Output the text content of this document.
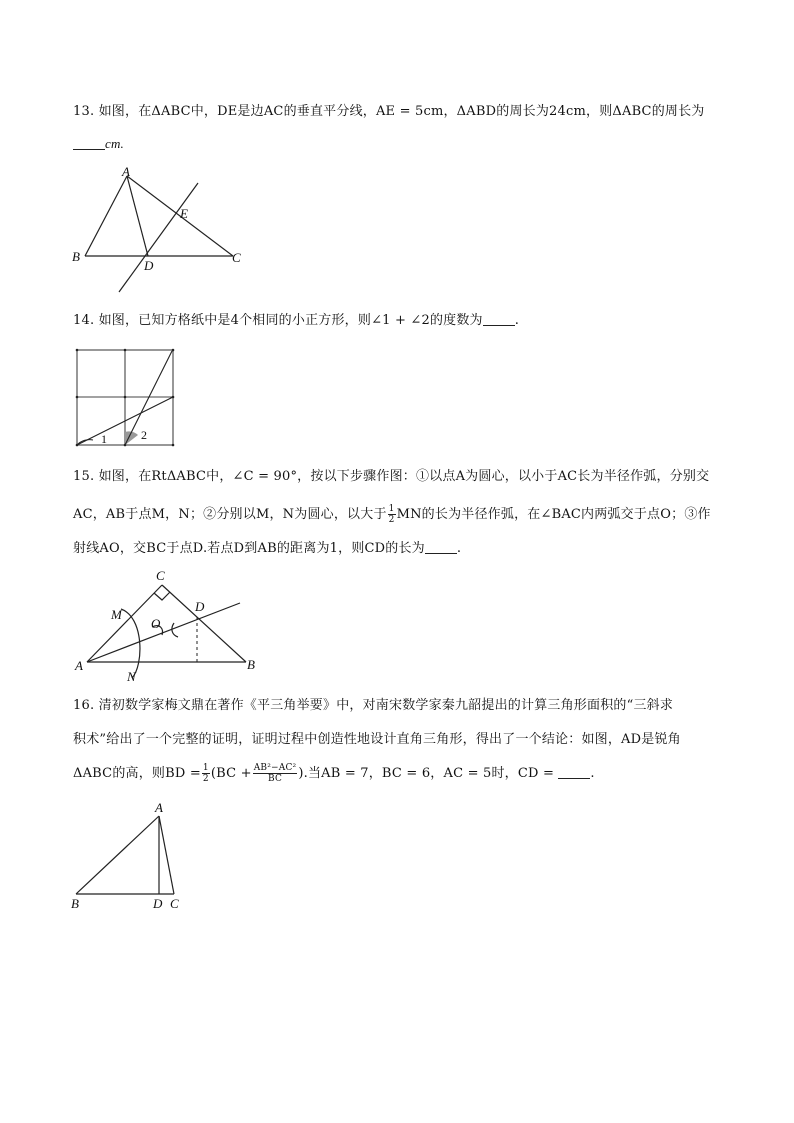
13. 如图，在ΔABC中，DE是边AC的垂直平分线，AE = 5cm，ΔABD的周长为24cm，则ΔABC的周长为
cm.
A
B	C
D
E
14. 如图，已知方格纸中是4个相同的小正方形，则∠1 + ∠2的度数为 .
1	2
15. 如图，在RtΔABC中，∠C = 90°，按以下步骤作图：①以点A为圆心，以小于AC长为半径作弧，分别交
AC，AB于点M，N；②分别以M，N为圆心，以大于 $\frac{1}{2}$ MN的长为半径作弧，在∠BAC内两弧交于点O；③作
射线AO，交BC于点D.若点D到AB的距离为1，则CD的长为 .
A	B
C
D
M
N
O
16. 清初数学家梅文鼎在著作《平三角举要》中，对南宋数学家秦九韶提出的计算三角形面积的“三斜求
积术”给出了一个完整的证明，证明过程中创造性地设计直角三角形，得出了一个结论：如图，AD是锐角
ΔABC的高，则BD = $\frac{1}{2} (BC + \frac{\text{AB²−AC²}}{BC}$ ).当AB = 7，BC = 6，AC = 5时，CD =	.
A
B	D C
